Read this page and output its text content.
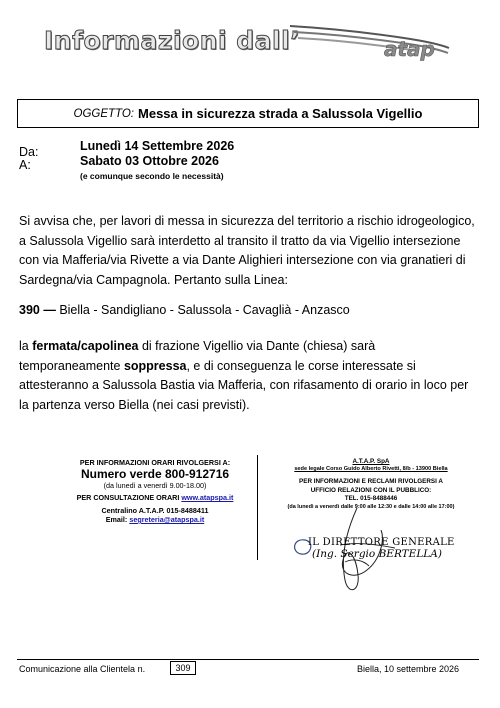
Informazioni dall’	atap
OGGETTO: Messa in sicurezza strada a Salussola Vigellio
Da:	Lunedì 14 Settembre 2026
A:	Sabato 03 Ottobre 2026
(e comunque secondo le necessità)
Si avvisa che, per lavori di messa in sicurezza del territorio a rischio idrogeologico, a Salussola Vigellio sarà interdetto al transito il tratto da via Vigellio intersezione con via Mafferia/via Rivette a via Dante Alighieri intersezione con via granatieri di Sardegna/via Campagnola. Pertanto sulla Linea:
390 — Biella - Sandigliano - Salussola - Cavaglià - Anzasco
la fermata/capolinea di frazione Vigellio via Dante (chiesa) sarà temporaneamente soppressa, e di conseguenza le corse interessate si attesteranno a Salussola Bastia via Mafferia, con rifasamento di orario in loco per la partenza verso Biella (nei casi previsti).
PER INFORMAZIONI ORARI RIVOLGERSI A:
Numero verde 800-912716
(da lunedì a venerdì 9.00-18.00)
PER CONSULTAZIONE ORARI www.atapspa.it
Centralino A.T.A.P. 015-8488411
Email: segreteria@atapspa.it
A.T.A.P. SpA
sede legale Corso Guido Alberto Rivetti, 8/b - 13900 Biella
PER INFORMAZIONI E RECLAMI RIVOLGERSI A
UFFICIO RELAZIONI CON IL PUBBLICO:
TEL. 015-8488446
(da lunedì a venerdì dalle 9:00 alle 12:30 e dalle 14:00 alle 17:00)
IL DIRETTORE GENERALE
(Ing. Sergio BERTELLA)
Comunicazione alla Clientela n.	309	Biella, 10 settembre 2026
